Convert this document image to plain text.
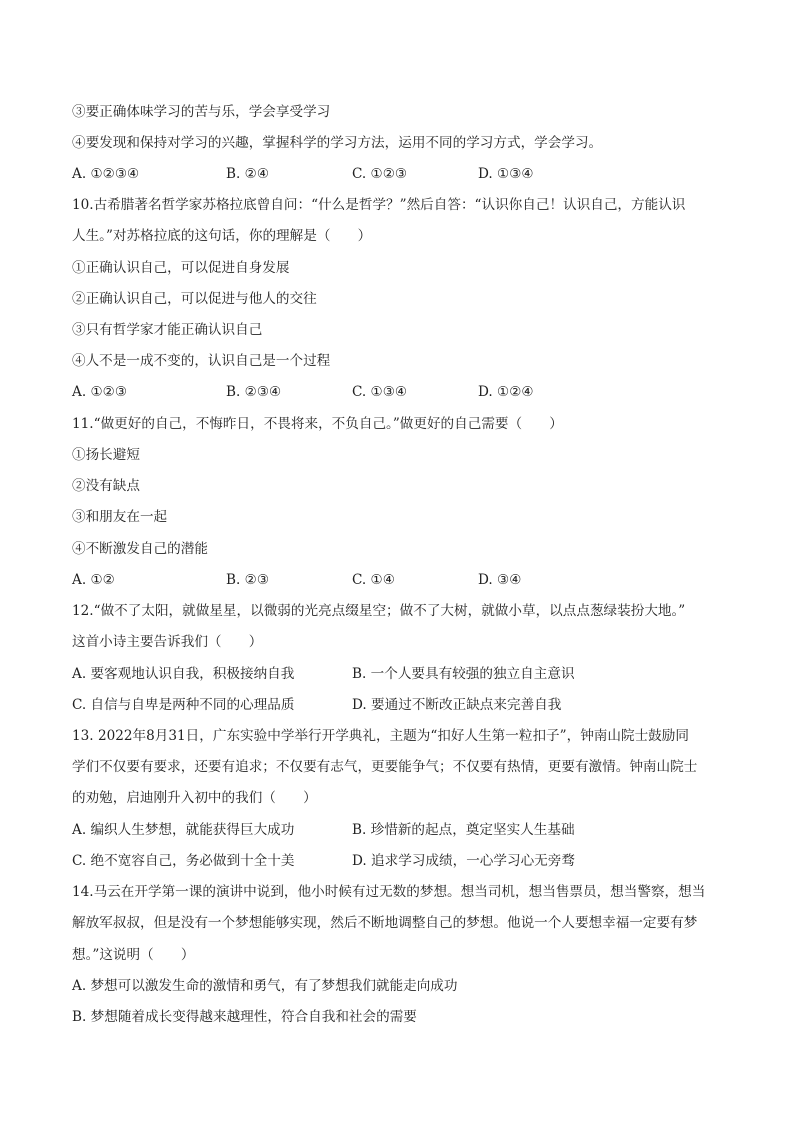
③要正确体味学习的苦与乐，学会享受学习
④要发现和保持对学习的兴趣，掌握科学的学习方法，运用不同的学习方式，学会学习。
A. ①②③④	B. ②④	C. ①②③	D. ①③④
10.古希腊著名哲学家苏格拉底曾自问：“什么是哲学？”然后自答：“认识你自己！认识自己，方能认识
人生。”对苏格拉底的这句话，你的理解是（　　）
①正确认识自己，可以促进自身发展
②正确认识自己，可以促进与他人的交往
③只有哲学家才能正确认识自己
④人不是一成不变的，认识自己是一个过程
A. ①②③	B. ②③④	C. ①③④	D. ①②④
11.“做更好的自己，不悔昨日，不畏将来，不负自己。”做更好的自己需要（　　）
①扬长避短
②没有缺点
③和朋友在一起
④不断激发自己的潜能
A. ①②	B. ②③	C. ①④	D. ③④
12.“做不了太阳，就做星星，以微弱的光亮点缀星空；做不了大树，就做小草，以点点葱绿装扮大地。”
这首小诗主要告诉我们（　　）
A. 要客观地认识自我，积极接纳自我	B. 一个人要具有较强的独立自主意识
C. 自信与自卑是两种不同的心理品质	D. 要通过不断改正缺点来完善自我
13. 2022年8月31日，广东实验中学举行开学典礼，主题为“扣好人生第一粒扣子”，钟南山院士鼓励同
学们不仅要有要求，还要有追求；不仅要有志气，更要能争气；不仅要有热情，更要有激情。钟南山院士
的劝勉，启迪刚升入初中的我们（　　）
A. 编织人生梦想，就能获得巨大成功	B. 珍惜新的起点，奠定坚实人生基础
C. 绝不宽容自己，务必做到十全十美	D. 追求学习成绩，一心学习心无旁骛
14.马云在开学第一课的演讲中说到，他小时候有过无数的梦想。想当司机，想当售票员，想当警察，想当
解放军叔叔，但是没有一个梦想能够实现，然后不断地调整自己的梦想。他说一个人要想幸福一定要有梦
想。”这说明（　　）
A. 梦想可以激发生命的激情和勇气，有了梦想我们就能走向成功
B. 梦想随着成长变得越来越理性，符合自我和社会的需要
